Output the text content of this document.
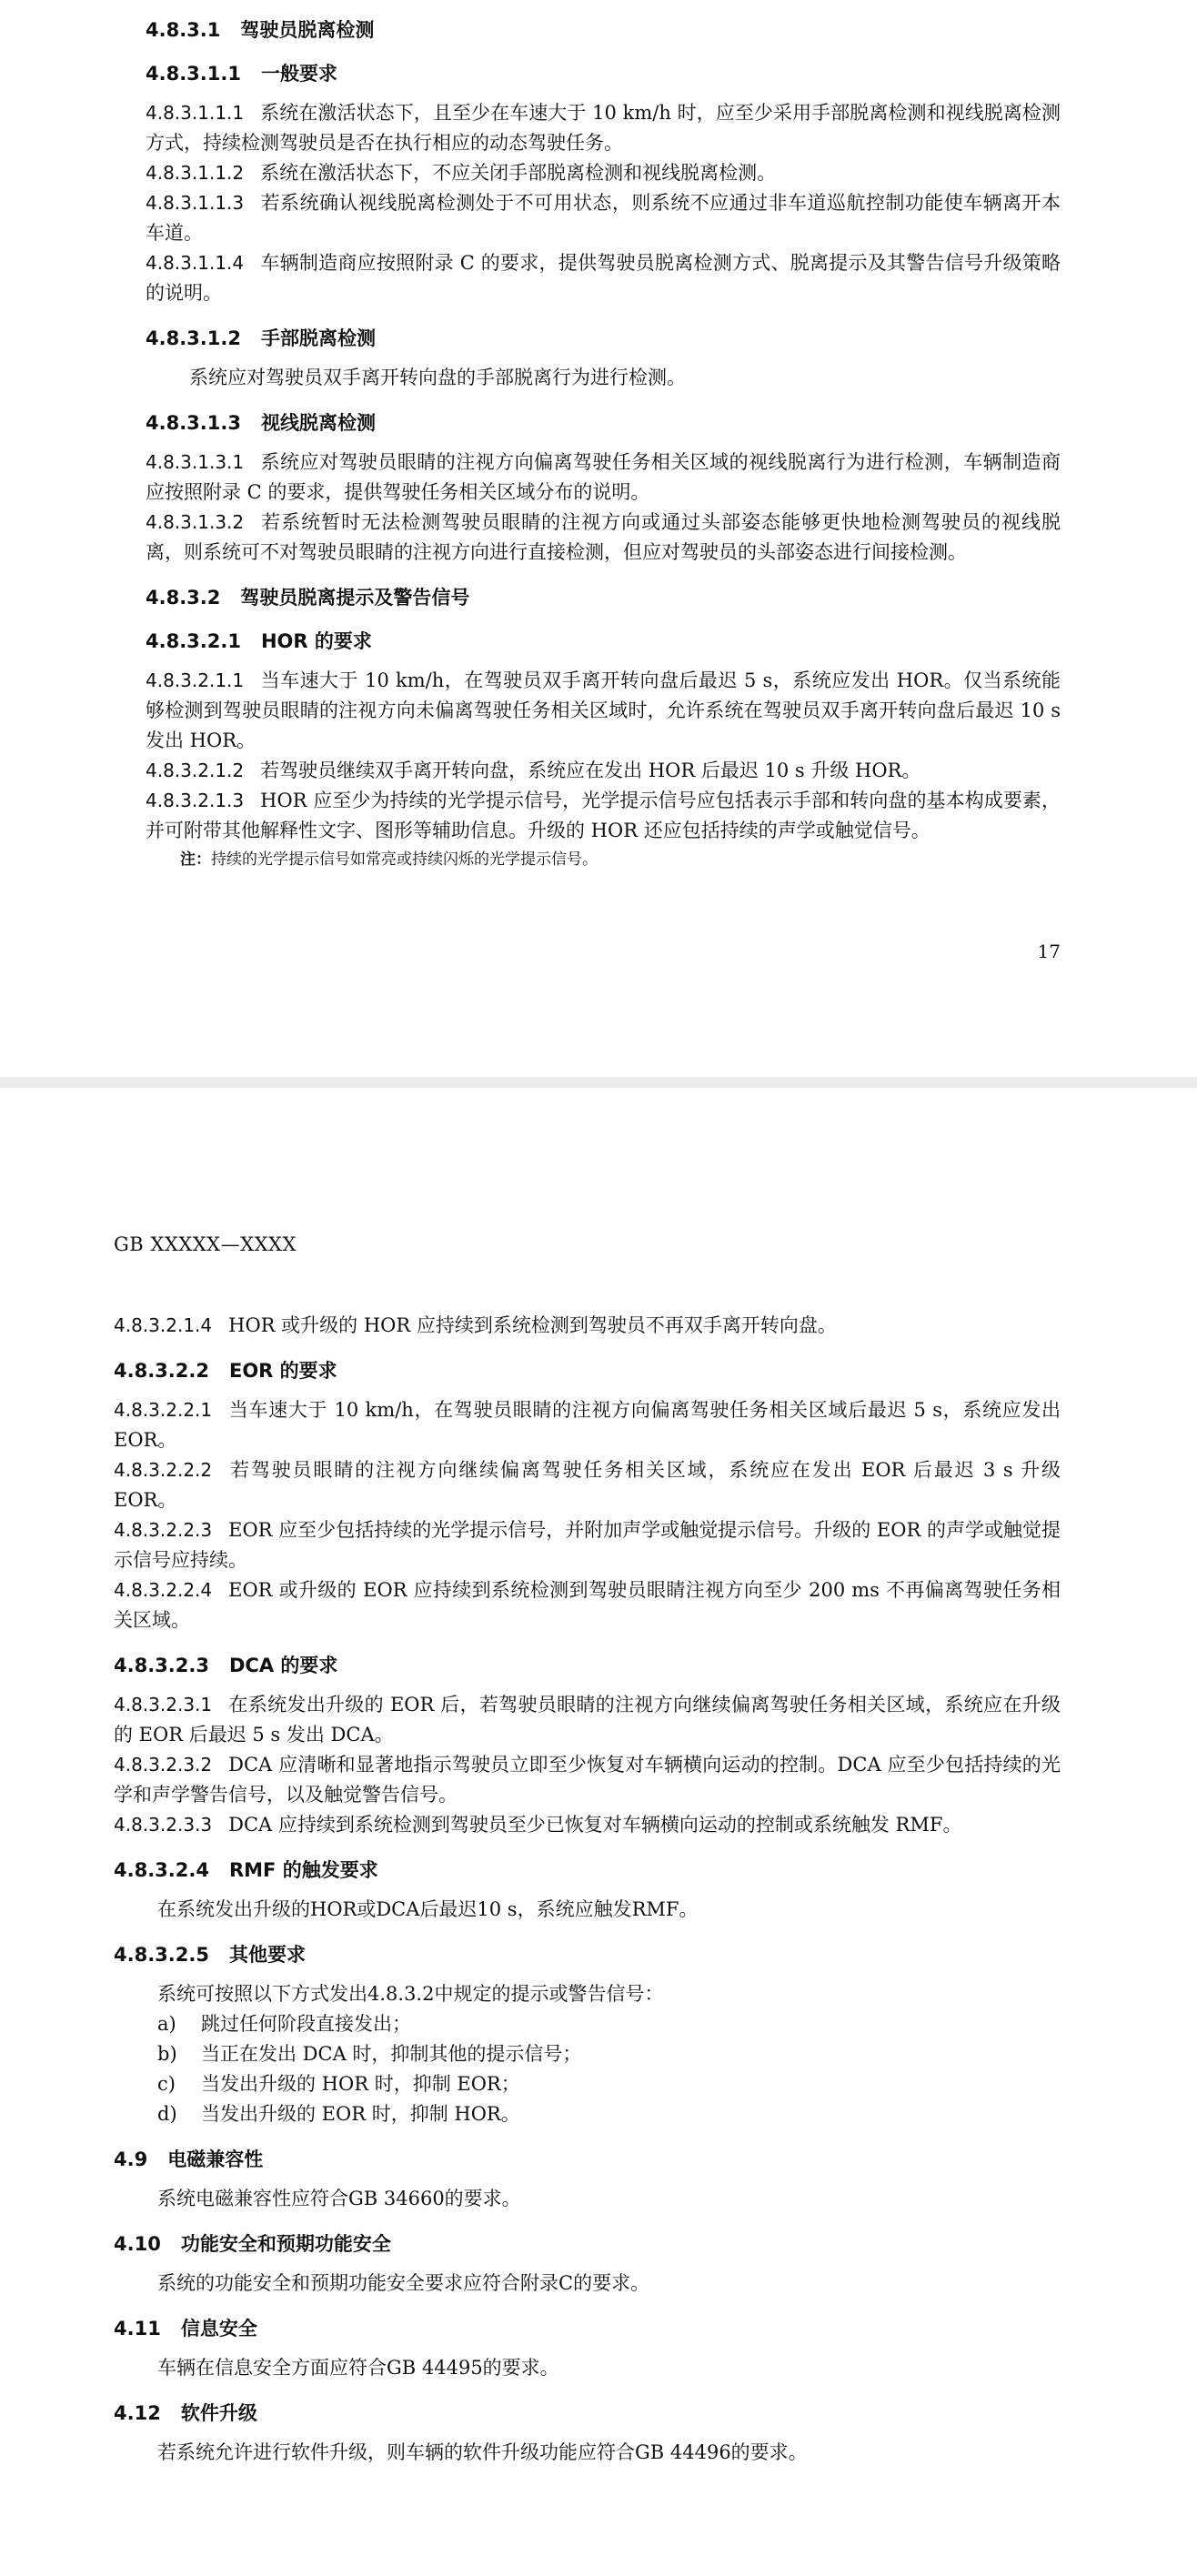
4.8.3.1 驾驶员脱离检测

4.8.3.1.1 一般要求

4.8.3.1.1.1 系统在激活状态下，且至少在车速大于 10 km/h 时，应至少采用手部脱离检测和视线脱离检测方式，持续检测驾驶员是否在执行相应的动态驾驶任务。

4.8.3.1.1.2 系统在激活状态下，不应关闭手部脱离检测和视线脱离检测。

4.8.3.1.1.3 若系统确认视线脱离检测处于不可用状态，则系统不应通过非车道巡航控制功能使车辆离开本车道。

4.8.3.1.1.4 车辆制造商应按照附录 C 的要求，提供驾驶员脱离检测方式、脱离提示及其警告信号升级策略的说明。

4.8.3.1.2 手部脱离检测

系统应对驾驶员双手离开转向盘的手部脱离行为进行检测。

4.8.3.1.3 视线脱离检测

4.8.3.1.3.1 系统应对驾驶员眼睛的注视方向偏离驾驶任务相关区域的视线脱离行为进行检测，车辆制造商应按照附录 C 的要求，提供驾驶任务相关区域分布的说明。

4.8.3.1.3.2 若系统暂时无法检测驾驶员眼睛的注视方向或通过头部姿态能够更快地检测驾驶员的视线脱离，则系统可不对驾驶员眼睛的注视方向进行直接检测，但应对驾驶员的头部姿态进行间接检测。

4.8.3.2 驾驶员脱离提示及警告信号

4.8.3.2.1 HOR 的要求

4.8.3.2.1.1 当车速大于 10 km/h，在驾驶员双手离开转向盘后最迟 5 s，系统应发出 HOR。仅当系统能够检测到驾驶员眼睛的注视方向未偏离驾驶任务相关区域时，允许系统在驾驶员双手离开转向盘后最迟 10 s 发出 HOR。

4.8.3.2.1.2 若驾驶员继续双手离开转向盘，系统应在发出 HOR 后最迟 10 s 升级 HOR。

4.8.3.2.1.3 HOR 应至少为持续的光学提示信号，光学提示信号应包括表示手部和转向盘的基本构成要素，并可附带其他解释性文字、图形等辅助信息。升级的 HOR 还应包括持续的声学或触觉信号。

注：持续的光学提示信号如常亮或持续闪烁的光学提示信号。

17
GB XXXXX—XXXX

4.8.3.2.1.4 HOR 或升级的 HOR 应持续到系统检测到驾驶员不再双手离开转向盘。

4.8.3.2.2 EOR 的要求

4.8.3.2.2.1 当车速大于 10 km/h，在驾驶员眼睛的注视方向偏离驾驶任务相关区域后最迟 5 s，系统应发出 EOR。

4.8.3.2.2.2 若驾驶员眼睛的注视方向继续偏离驾驶任务相关区域，系统应在发出 EOR 后最迟 3 s 升级 EOR。

4.8.3.2.2.3 EOR 应至少包括持续的光学提示信号，并附加声学或触觉提示信号。升级的 EOR 的声学或触觉提示信号应持续。

4.8.3.2.2.4 EOR 或升级的 EOR 应持续到系统检测到驾驶员眼睛注视方向至少 200 ms 不再偏离驾驶任务相关区域。

4.8.3.2.3 DCA 的要求

4.8.3.2.3.1 在系统发出升级的 EOR 后，若驾驶员眼睛的注视方向继续偏离驾驶任务相关区域，系统应在升级的 EOR 后最迟 5 s 发出 DCA。

4.8.3.2.3.2 DCA 应清晰和显著地指示驾驶员立即至少恢复对车辆横向运动的控制。DCA 应至少包括持续的光学和声学警告信号，以及触觉警告信号。

4.8.3.2.3.3 DCA 应持续到系统检测到驾驶员至少已恢复对车辆横向运动的控制或系统触发 RMF。

4.8.3.2.4 RMF 的触发要求

在系统发出升级的HOR或DCA后最迟10 s，系统应触发RMF。

4.8.3.2.5 其他要求

系统可按照以下方式发出4.8.3.2中规定的提示或警告信号：

a) 跳过任何阶段直接发出；

b) 当正在发出 DCA 时，抑制其他的提示信号；

c) 当发出升级的 HOR 时，抑制 EOR；

d) 当发出升级的 EOR 时，抑制 HOR。

4.9 电磁兼容性

系统电磁兼容性应符合GB 34660的要求。

4.10 功能安全和预期功能安全

系统的功能安全和预期功能安全要求应符合附录C的要求。

4.11 信息安全

车辆在信息安全方面应符合GB 44495的要求。

4.12 软件升级

若系统允许进行软件升级，则车辆的软件升级功能应符合GB 44496的要求。
